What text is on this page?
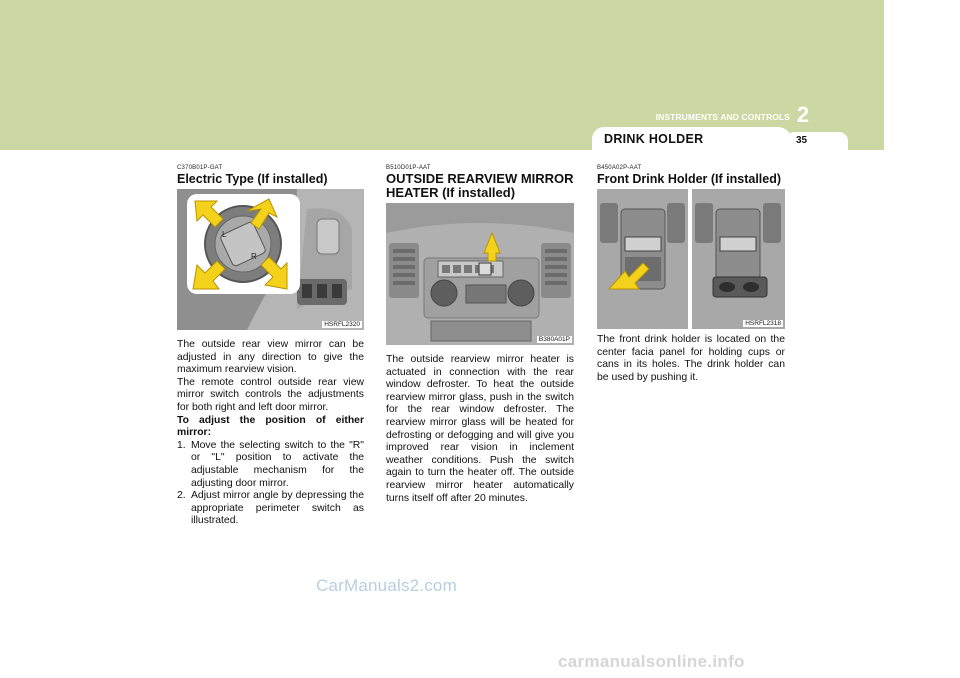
2
INSTRUMENTS AND CONTROLS
DRINK HOLDER	35
C370B01P-GAT
Electric Type (If installed)
L
R
HSRFL2320

The outside rear view mirror can be adjusted in any direction to give the maximum rearview vision.

The remote control outside rear view mirror switch controls the adjustments for both right and left door mirror.

To adjust the position of either mirror:

1. Move the selecting switch to the "R" or "L" position to activate the adjustable mechanism for the adjusting door mirror.
2. Adjust mirror angle by depressing the appropriate perimeter switch as illustrated.
B510D01P-AAT
OUTSIDE REARVIEW MIRROR HEATER (If installed)
B380A01P
The outside rearview mirror heater is actuated in connection with the rear window defroster. To heat the outside rearview mirror glass, push in the switch for the rear window defroster. The rearview mirror glass will be heated for defrosting or defogging and will give you improved rear vision in inclement weather conditions. Push the switch again to turn the heater off. The outside rearview mirror heater automatically turns itself off after 20 minutes.
B450A02P-AAT
Front Drink Holder (If installed)
HSRFL2318
The front drink holder is located on the center facia panel for holding cups or cans in its holes. The drink holder can be used by pushing it.
CarManuals2.com
carmanualsonline.info
